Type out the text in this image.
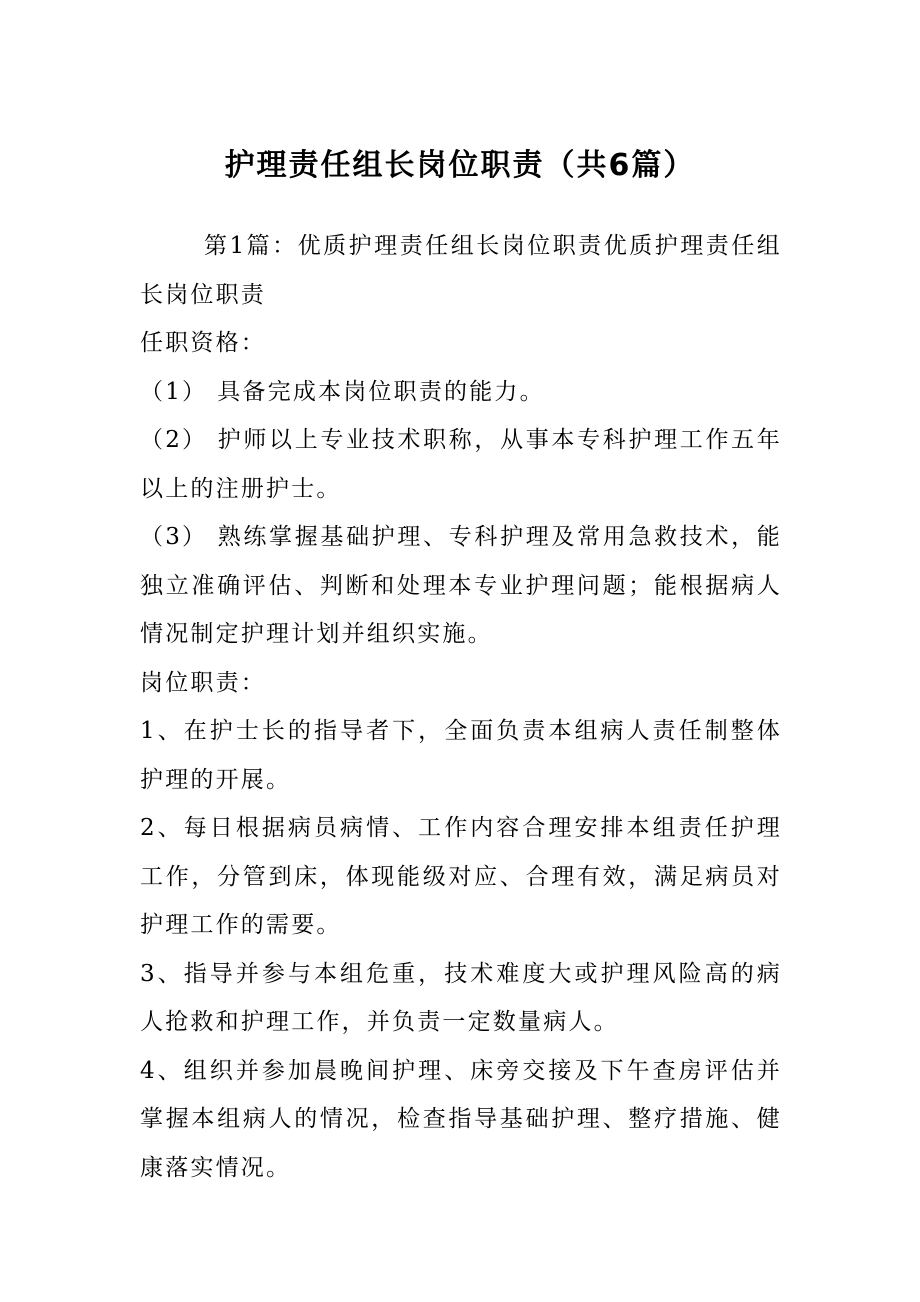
护理责任组长岗位职责（共6篇）

第1篇：优质护理责任组长岗位职责优质护理责任组长岗位职责

任职资格：

（1） 具备完成本岗位职责的能力。

（2） 护师以上专业技术职称，从事本专科护理工作五年以上的注册护士。

（3） 熟练掌握基础护理、专科护理及常用急救技术，能独立准确评估、判断和处理本专业护理问题；能根据病人情况制定护理计划并组织实施。

岗位职责：

1、在护士长的指导者下，全面负责本组病人责任制整体护理的开展。

2、每日根据病员病情、工作内容合理安排本组责任护理工作，分管到床，体现能级对应、合理有效，满足病员对护理工作的需要。

3、指导并参与本组危重，技术难度大或护理风险高的病人抢救和护理工作，并负责一定数量病人。

4、组织并参加晨晚间护理、床旁交接及下午查房评估并掌握本组病人的情况，检查指导基础护理、整疗措施、健康落实情况。
